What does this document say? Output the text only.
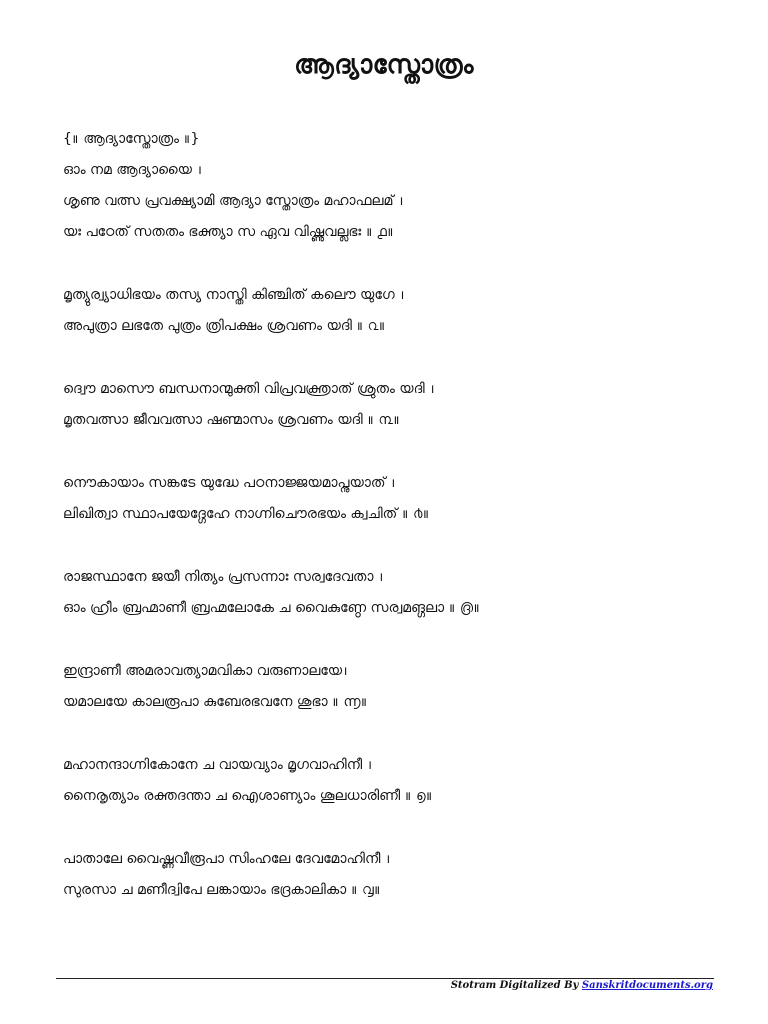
ആദ്യാസ്തോത്രം
{॥ ആദ്യാസ്തോത്രം ॥}
ഓം നമ ആദ്യായൈ ।
ശൃണു വത്സ പ്രവക്ഷ്യാമി ആദ്യാ സ്തോത്രം മഹാഫലമ് ।
യഃ പഠേത് സതതം ഭക്ത്യാ സ ഏവ വിഷ്ണുവല്ലഭഃ ॥ ൧॥
മൃത്യുര്വ്യാധിഭയം തസ്യ നാസ്തി കിഞ്ചിത് കലൌ യുഗേ ।
അപുത്രാ ലഭതേ പുത്രം ത്രിപക്ഷം ശ്രവണം യദി ॥ ൨॥
ദ്വൌ മാസൌ ബന്ധനാന്മുക്തി വിപ്രവക്ത്രാത് ശ്രുതം യദി ।
മൃതവത്സാ ജീവവത്സാ ഷണ്മാസം ശ്രവണം യദി ॥ ൩॥
നൌകായാം സങ്കടേ യുദ്ധേ പഠനാജ്ജയമാപ്നുയാത് ।
ലിഖിത്വാ സ്ഥാപയേദ്ഗേഹേ നാഗ്നിചൌരഭയം ക്വചിത് ॥ ൪॥
രാജസ്ഥാനേ ജയീ നിത്യം പ്രസന്നാഃ സര്വദേവതാ ।
ഓം ഹ്രീം ബ്രഹ്മാണീ ബ്രഹ്മലോകേ ച വൈകുണ്ഠേ സര്വമങ്ഗലാ ॥ ൫॥
ഇന്ദ്രാണീ അമരാവത്യാമവികാ വരുണാലയേ।
യമാലയേ കാലരൂപാ കുബേരഭവനേ ശുഭാ ॥ ൬॥
മഹാനന്ദാഗ്നികോനേ ച വായവ്യാം മൃഗവാഹിനീ ।
നൈരൃത്യാം രക്തദന്താ ച ഐശാണ്യാം ശൂലധാരിണീ ॥ ൭॥
പാതാലേ വൈഷ്ണവീരൂപാ സിംഹലേ ദേവമോഹിനീ ।
സുരസാ ച മണീദ്വിപേ ലങ്കായാം ഭദ്രകാലികാ ॥ ൮॥
Stotram Digitalized By Sanskritdocuments.org
